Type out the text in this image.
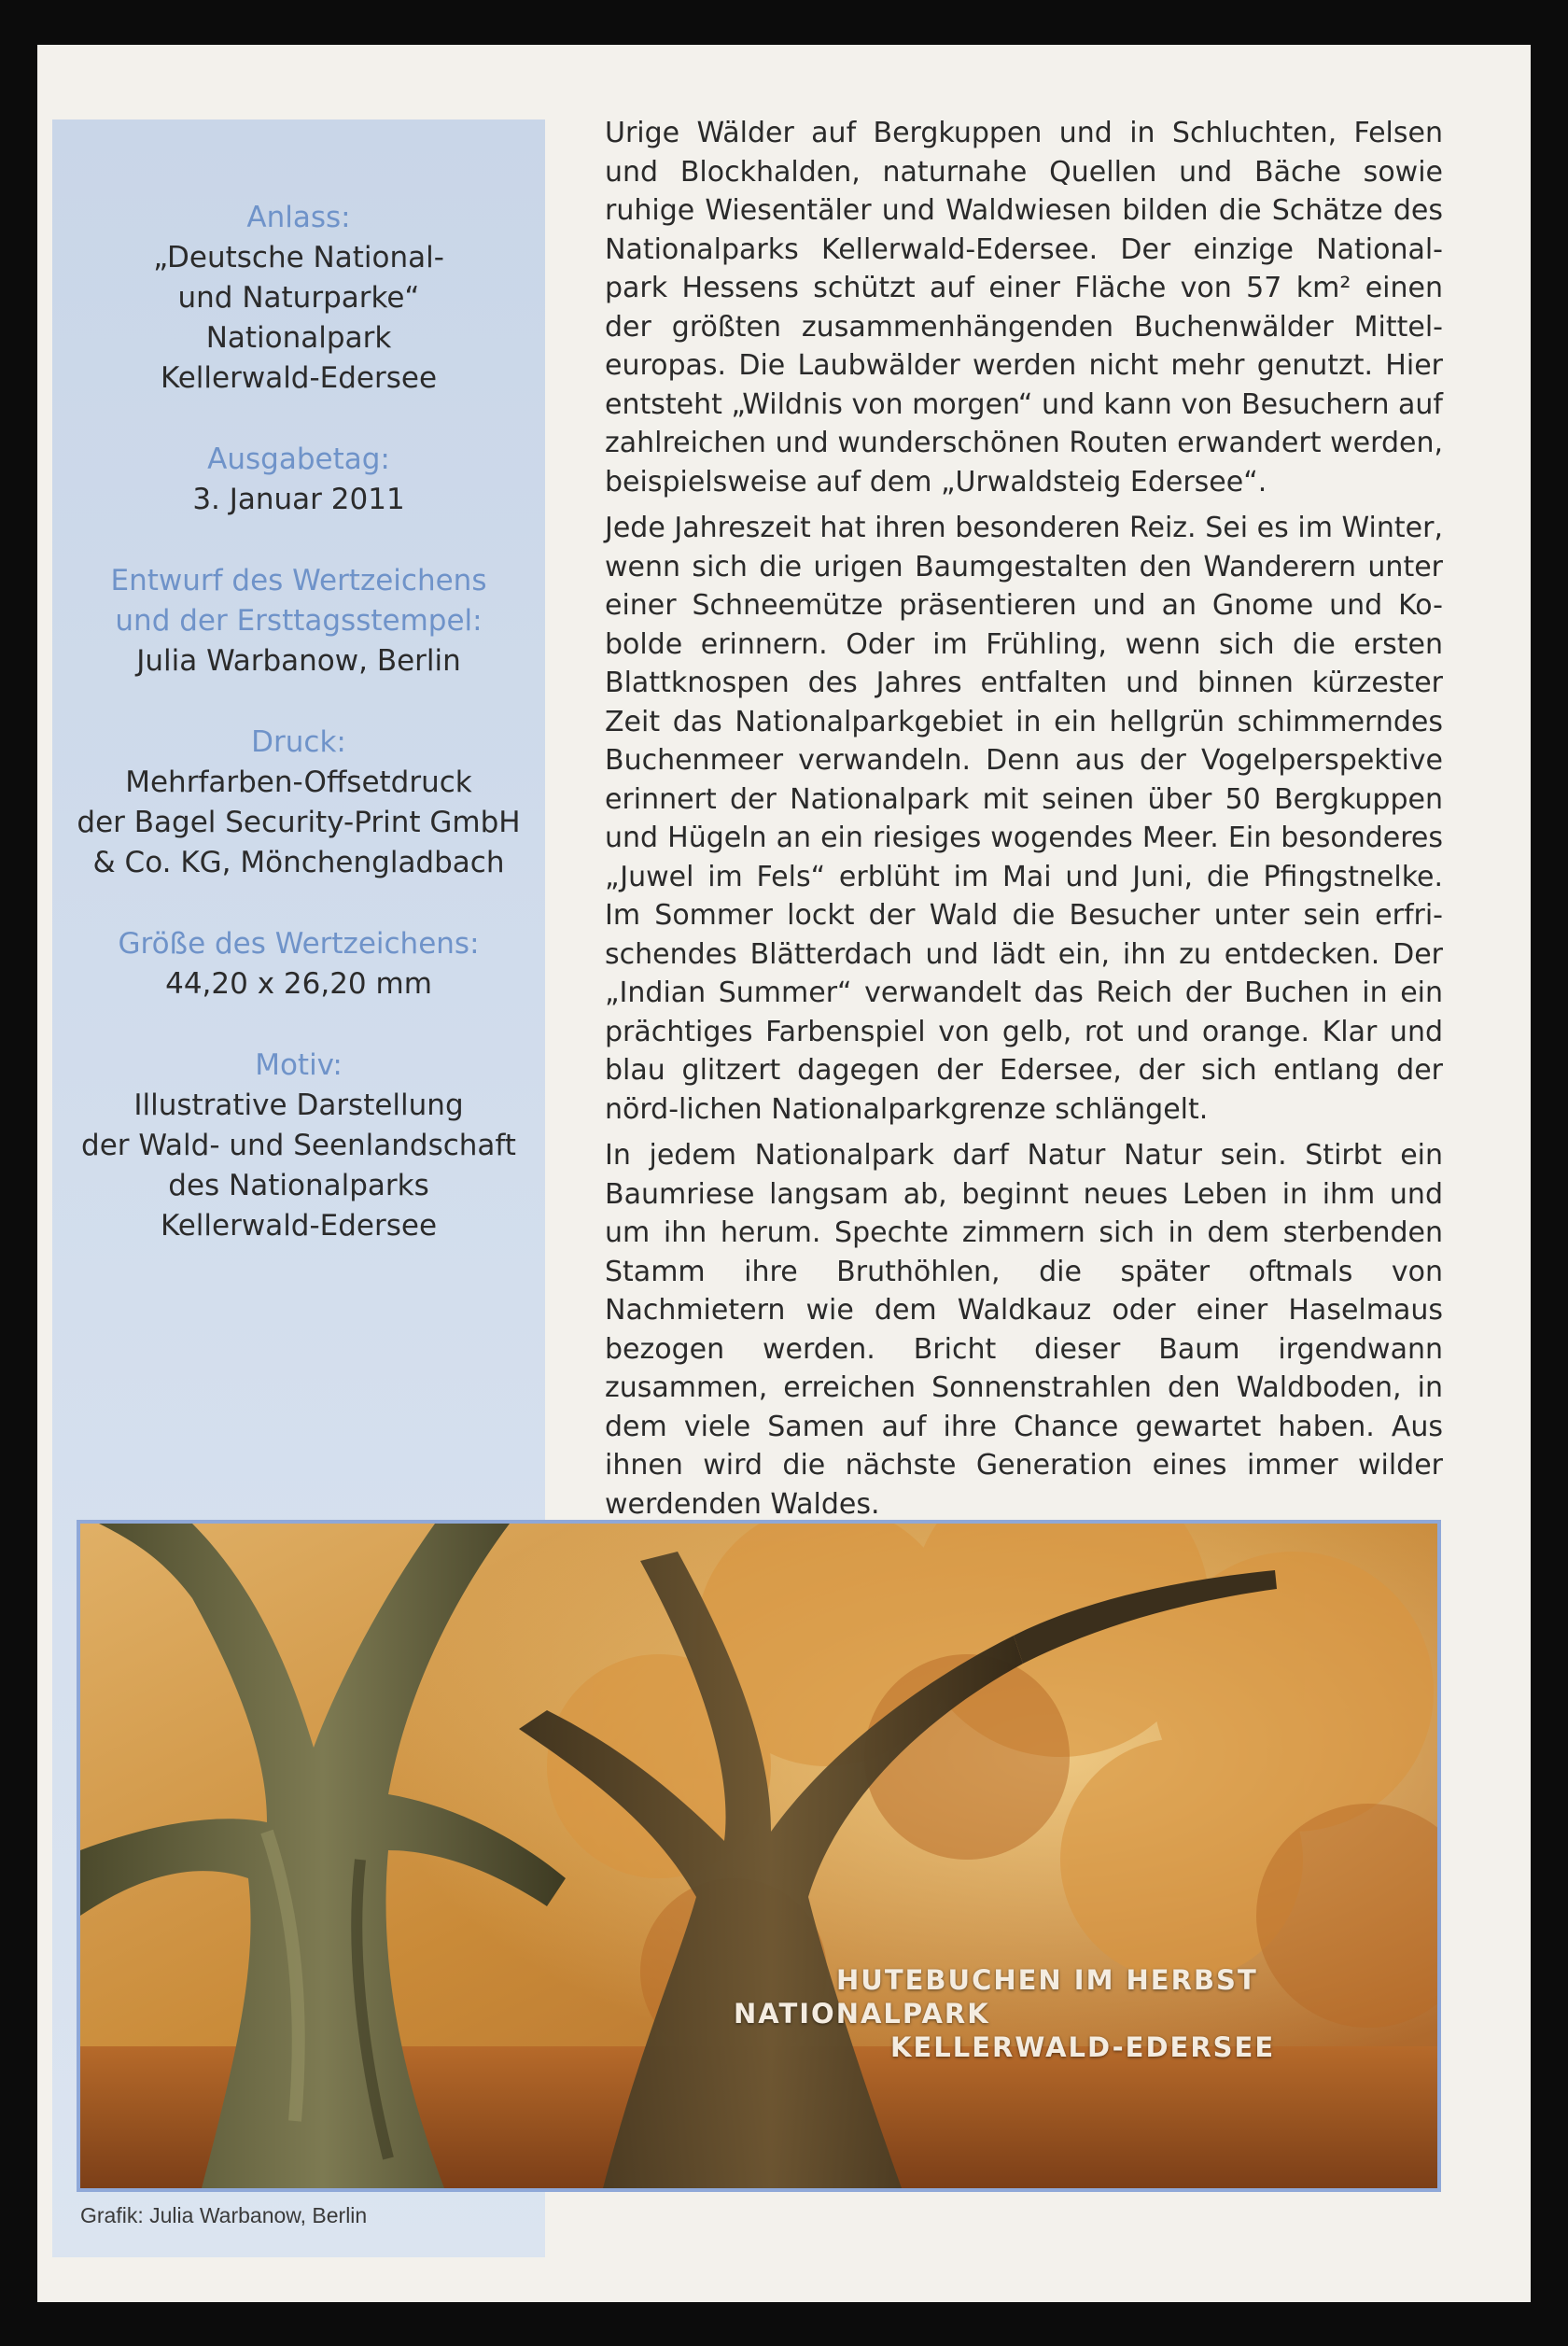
Anlass:
„Deutsche National-
und Naturparke“
Nationalpark
Kellerwald-Edersee
Ausgabetag:
3. Januar 2011
Entwurf des Wertzeichens
und der Ersttagsstempel:
Julia Warbanow, Berlin
Druck:
Mehrfarben-Offsetdruck
der Bagel Security-Print GmbH
& Co. KG, Mönchengladbach
Größe des Wertzeichens:
44,20 x 26,20 mm
Motiv:
Illustrative Darstellung
der Wald- und Seenlandschaft
des Nationalparks
Kellerwald-Edersee

Urige Wälder auf Bergkuppen und in Schluchten, Felsen und Blockhalden, naturnahe Quellen und Bäche sowie ruhige Wiesentäler und Waldwiesen bilden die Schätze des Nationalparks Kellerwald-Edersee. Der einzige National-park Hessens schützt auf einer Fläche von 57 km² einen der größten zusammenhängenden Buchenwälder Mittel-europas. Die Laubwälder werden nicht mehr genutzt. Hier entsteht „Wildnis von morgen“ und kann von Besuchern auf zahlreichen und wunderschönen Routen erwandert werden, beispielsweise auf dem „Urwaldsteig Edersee“.

Jede Jahreszeit hat ihren besonderen Reiz. Sei es im Winter, wenn sich die urigen Baumgestalten den Wanderern unter einer Schneemütze präsentieren und an Gnome und Ko-bolde erinnern. Oder im Frühling, wenn sich die ersten Blattknospen des Jahres entfalten und binnen kürzester Zeit das Nationalparkgebiet in ein hellgrün schimmerndes Buchenmeer verwandeln. Denn aus der Vogelperspektive erinnert der Nationalpark mit seinen über 50 Bergkuppen und Hügeln an ein riesiges wogendes Meer. Ein besonderes „Juwel im Fels“ erblüht im Mai und Juni, die Pfingstnelke. Im Sommer lockt der Wald die Besucher unter sein erfri-schendes Blätterdach und lädt ein, ihn zu entdecken. Der „Indian Summer“ verwandelt das Reich der Buchen in ein prächtiges Farbenspiel von gelb, rot und orange. Klar und blau glitzert dagegen der Edersee, der sich entlang der nörd-lichen Nationalparkgrenze schlängelt.

In jedem Nationalpark darf Natur Natur sein. Stirbt ein Baumriese langsam ab, beginnt neues Leben in ihm und um ihn herum. Spechte zimmern sich in dem sterbenden Stamm ihre Bruthöhlen, die später oftmals von Nachmietern wie dem Waldkauz oder einer Haselmaus bezogen werden. Bricht dieser Baum irgendwann zusammen, erreichen Sonnenstrahlen den Waldboden, in dem viele Samen auf ihre Chance gewartet haben. Aus ihnen wird die nächste Generation eines immer wilder werdenden Waldes.

HUTEBUCHEN IM HERBST
NATIONALPARK
KELLERWALD-EDERSEE
Grafik: Julia Warbanow, Berlin
